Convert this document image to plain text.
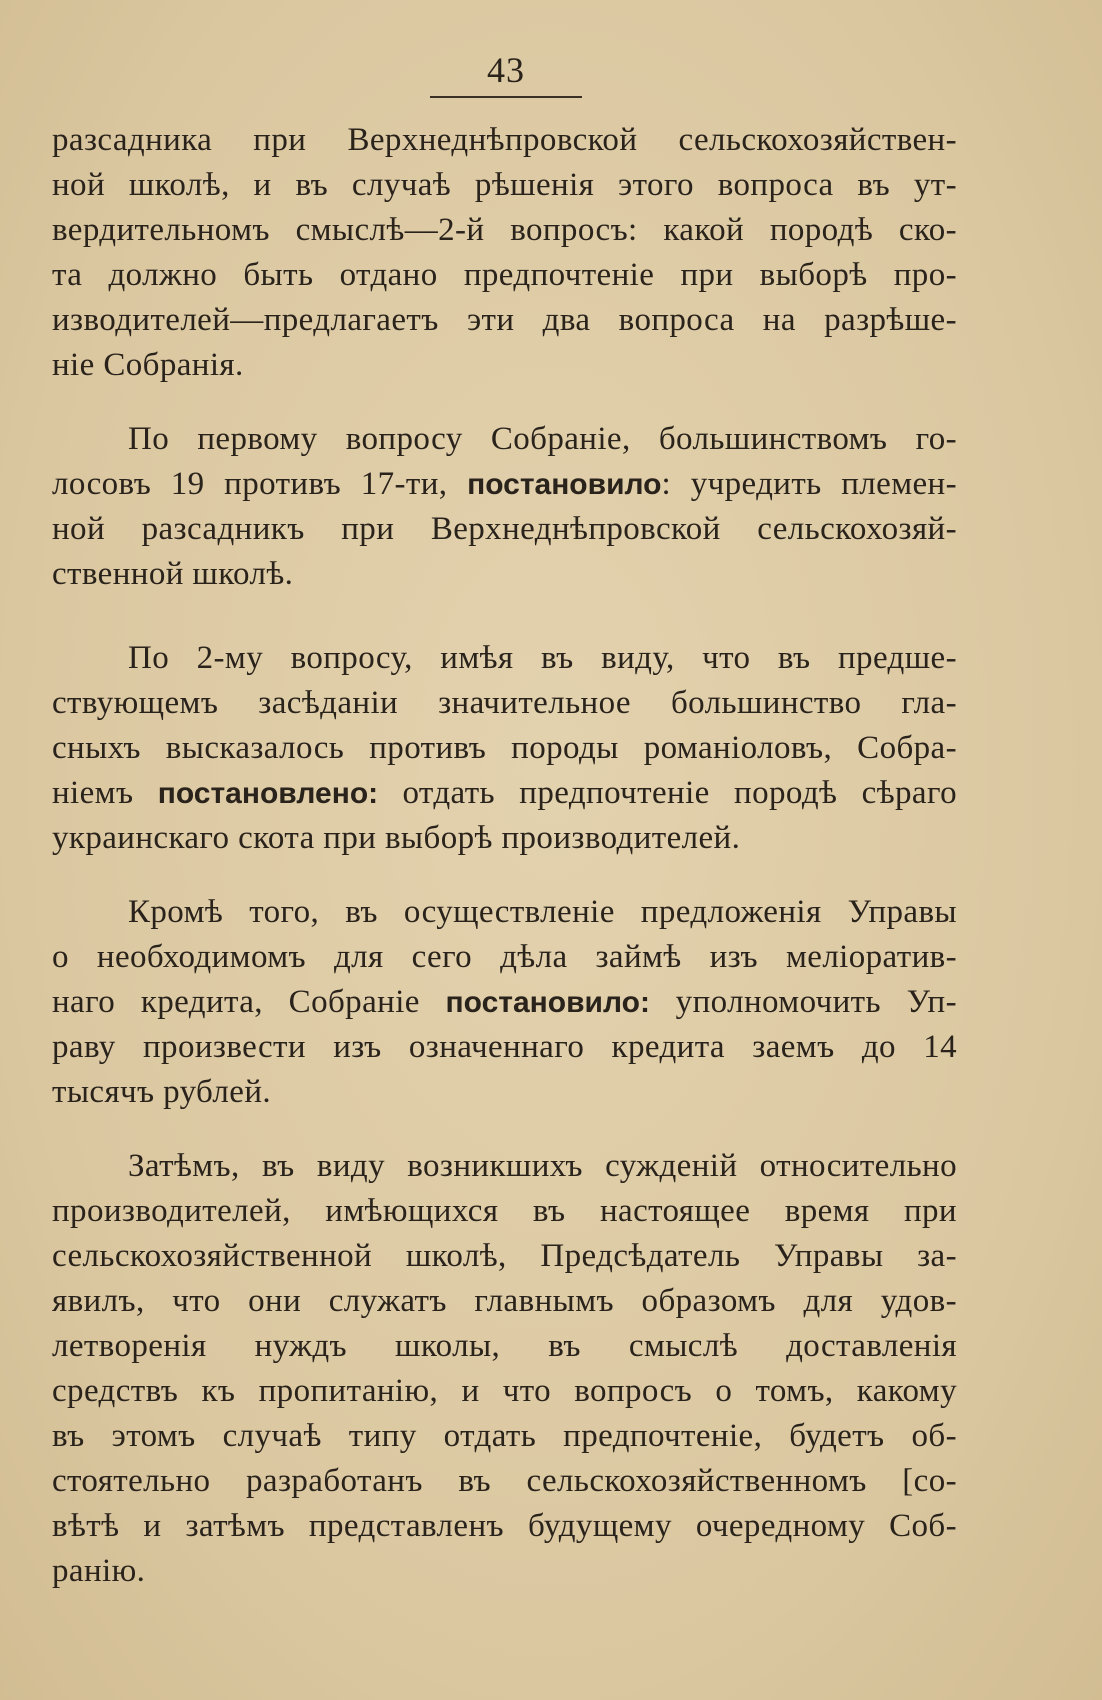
43
разсадника при Верхнеднѣпровской сельскохозяйствен-
ной школѣ, и въ случаѣ рѣшенія этого вопроса въ ут-
вердительномъ смыслѣ—2-й вопросъ: какой породѣ ско-
та должно быть отдано предпочтеніе при выборѣ про-
изводителей—предлагаетъ эти два вопроса на разрѣше-
ніе Собранія.
По первому вопросу Собраніе, большинствомъ го-
лосовъ 19 противъ 17-ти, постановило: учредить племен-
ной разсадникъ при Верхнеднѣпровской сельскохозяй-
ственной школѣ.
По 2-му вопросу, имѣя въ виду, что въ предше-
ствующемъ засѣданіи значительное большинство гла-
сныхъ высказалось противъ породы романіоловъ, Собра-
ніемъ постановлено: отдать предпочтеніе породѣ сѣраго
украинскаго скота при выборѣ производителей.
Кромѣ того, въ осуществленіе предложенія Управы
о необходимомъ для сего дѣла займѣ изъ меліоратив-
наго кредита, Собраніе постановило: уполномочить Уп-
раву произвести изъ означеннаго кредита заемъ до 14
тысячъ рублей.
Затѣмъ, въ виду возникшихъ сужденій относительно
производителей, имѣющихся въ настоящее время при
сельскохозяйственной школѣ, Предсѣдатель Управы за-
явилъ, что они служатъ главнымъ образомъ для удов-
летворенія нуждъ школы, въ смыслѣ доставленія
средствъ къ пропитанію, и что вопросъ о томъ, какому
въ этомъ случаѣ типу отдать предпочтеніе, будетъ об-
стоятельно разработанъ въ сельскохозяйственномъ [со-
вѣтѣ и затѣмъ представленъ будущему очередному Соб-
ранію.
